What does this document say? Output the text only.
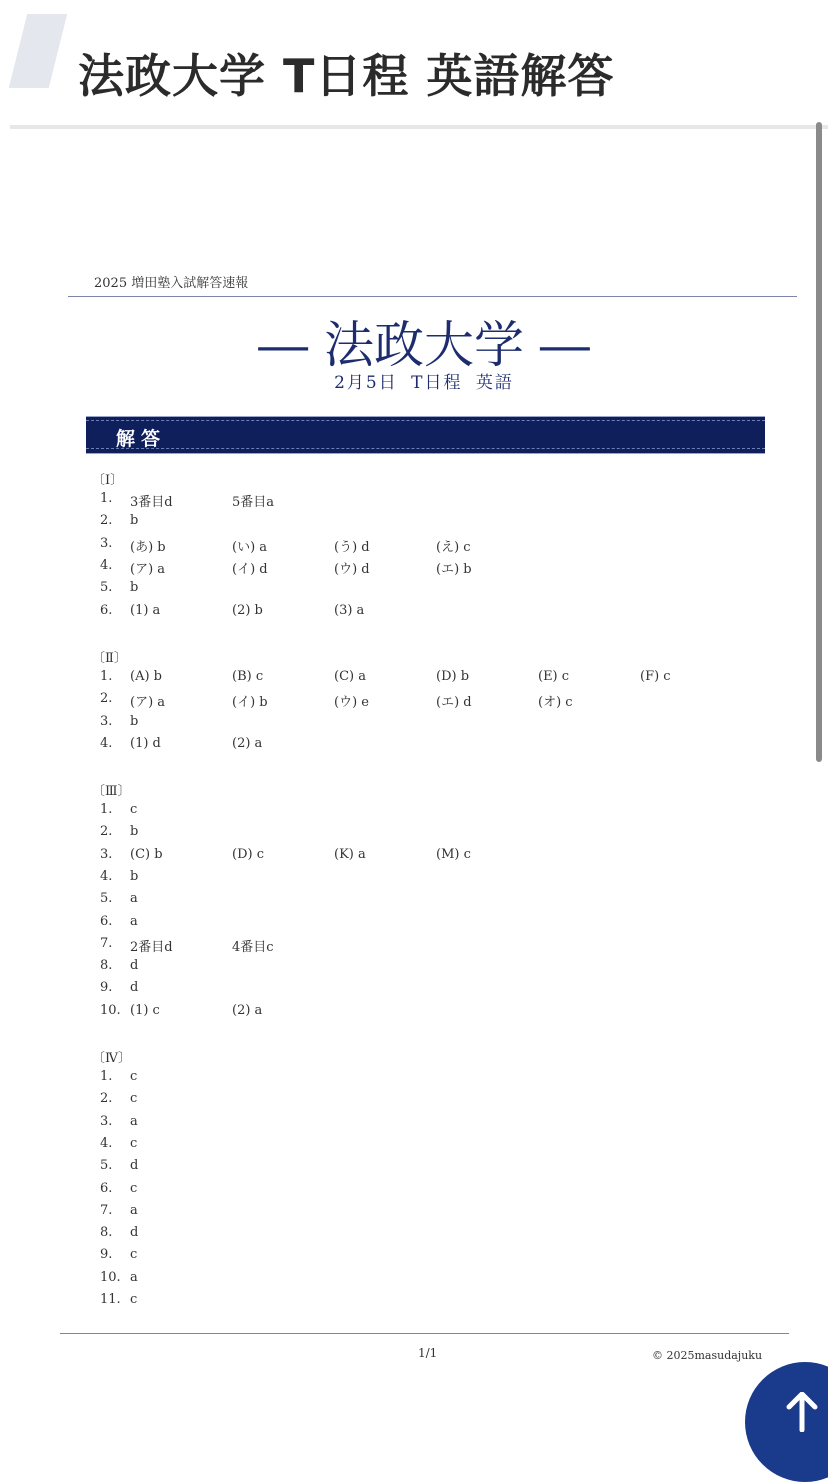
法政大学 T日程 英語解答
2025 増田塾入試解答速報
― 法政大学 ―
2月5日 T日程 英語
解答
〔Ⅰ〕
1.	3番目d	5番目a
2.	b
3.	(あ) b	(い) a	(う) d	(え) c
4.	(ア) a	(イ) d	(ウ) d	(エ) b
5.	b
6.	(1) a	(2) b	(3) a
〔Ⅱ〕
1.	(A) b	(B) c	(C) a	(D) b	(E) c	(F) c
2.	(ア) a	(イ) b	(ウ) e	(エ) d	(オ) c
3.	b
4.	(1) d	(2) a
〔Ⅲ〕
1.	c
2.	b
3.	(C) b	(D) c	(K) a	(M) c
4.	b
5.	a
6.	a
7.	2番目d	4番目c
8.	d
9.	d
10. (1) c	(2) a
〔Ⅳ〕
1.	c
2.	c
3.	a
4.	c
5.	d
6.	c
7.	a
8.	d
9.	c
10. a
11. c
1/1	© 2025masudajuku
